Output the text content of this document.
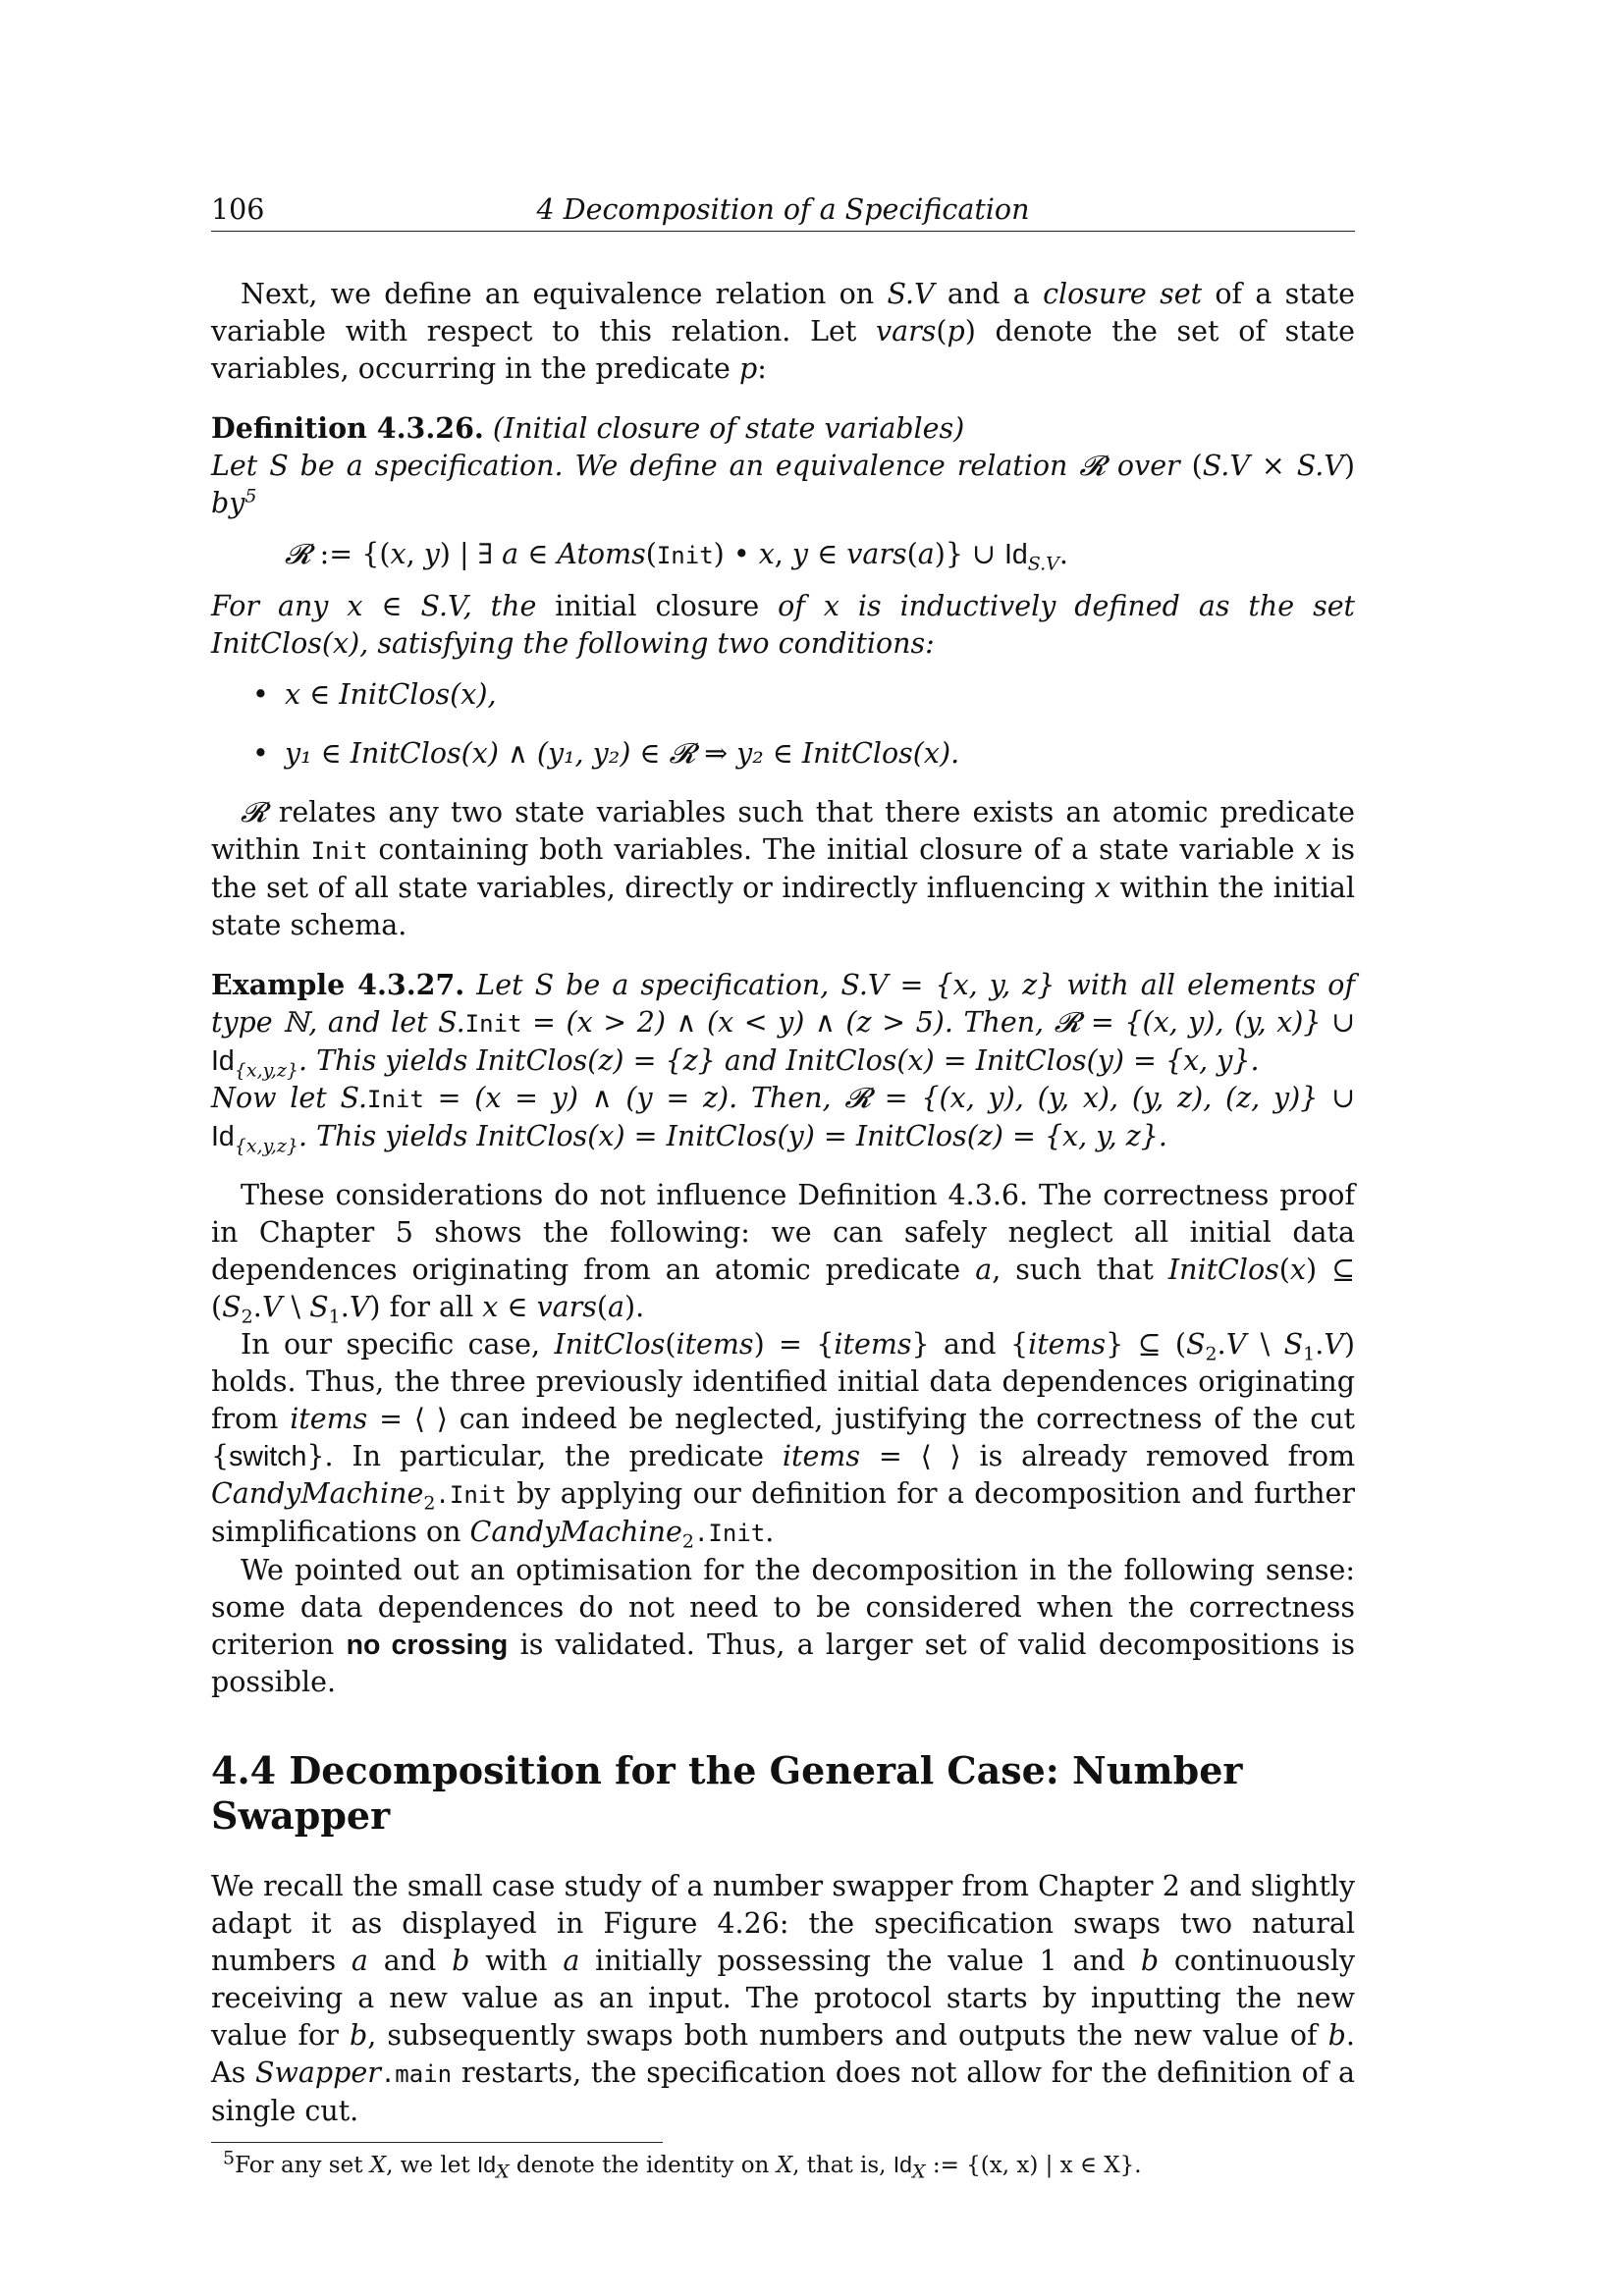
106	4 Decomposition of a Specification

Next, we define an equivalence relation on S.V and a closure set of a state variable with respect to this relation. Let vars(p) denote the set of state variables, occurring in the predicate p:

Definition 4.3.26. (Initial closure of state variables)

Let S be a specification. We define an equivalence relation 𝓡 over (S.V × S.V) $by^5$

𝓡 := {(x, y) | ∃ a ∈ Atoms(Init) • x, y ∈ vars(a)} ∪ $Id_{S.V}$.

For any x ∈ S.V, the initial closure of x is inductively defined as the set InitClos(x), satisfying the following two conditions:

• x ∈ InitClos(x),
• y₁ ∈ InitClos(x) ∧ (y₁, y₂) ∈ 𝓡 ⇒ y₂ ∈ InitClos(x).

𝓡 relates any two state variables such that there exists an atomic predicate within Init containing both variables. The initial closure of a state variable x is the set of all state variables, directly or indirectly influencing x within the initial state schema.

Example 4.3.27. Let S be a specification, S.V = {x, y, z} with all elements of type ℕ, and let S.Init = (x > 2) ∧ (x < y) ∧ (z > 5). Then, 𝓡 = {(x, y), (y, x)} ∪ $Id_{\{x,y,z\}}$. This yields InitClos(z) = {z} and InitClos(x) = InitClos(y) = {x, y}.

Now let S.Init = (x = y) ∧ (y = z). Then, 𝓡 = {(x, y), (y, x), (y, z), (z, y)} ∪ $Id_{\{x,y,z\}}$. This yields InitClos(x) = InitClos(y) = InitClos(z) = {x, y, z}.

These considerations do not influence Definition 4.3.6. The correctness proof in Chapter 5 shows the following: we can safely neglect all initial data dependences originating from an atomic predicate a, such that InitClos(x) ⊆ ($S_2.V$ \ $S_1.V$) for all x ∈ vars(a).

In our specific case, InitClos(items) = {items} and {items} ⊆ ($S_2.V$ \ $S_1.V$) holds. Thus, the three previously identified initial data dependences originating from items = ⟨ ⟩ can indeed be neglected, justifying the correctness of the cut {switch}. In particular, the predicate items = ⟨ ⟩ is already removed from CandyMachine$_2$.Init by applying our definition for a decomposition and further simplifications on CandyMachine$_2$.Init.

We pointed out an optimisation for the decomposition in the following sense: some data dependences do not need to be considered when the correctness criterion no crossing is validated. Thus, a larger set of valid decompositions is possible.

4.4 Decomposition for the General Case: Number Swapper

We recall the small case study of a number swapper from Chapter 2 and slightly adapt it as displayed in Figure 4.26: the specification swaps two natural numbers a and b with a initially possessing the value 1 and b continuously receiving a new value as an input. The protocol starts by inputting the new value for b, subsequently swaps both numbers and outputs the new value of b. As Swapper.main restarts, the specification does not allow for the definition of a single cut.

$^5$For any set X, we let $Id_X$ denote the identity on X, that is, $Id_X$ := {(x, x) | x ∈ X}.
